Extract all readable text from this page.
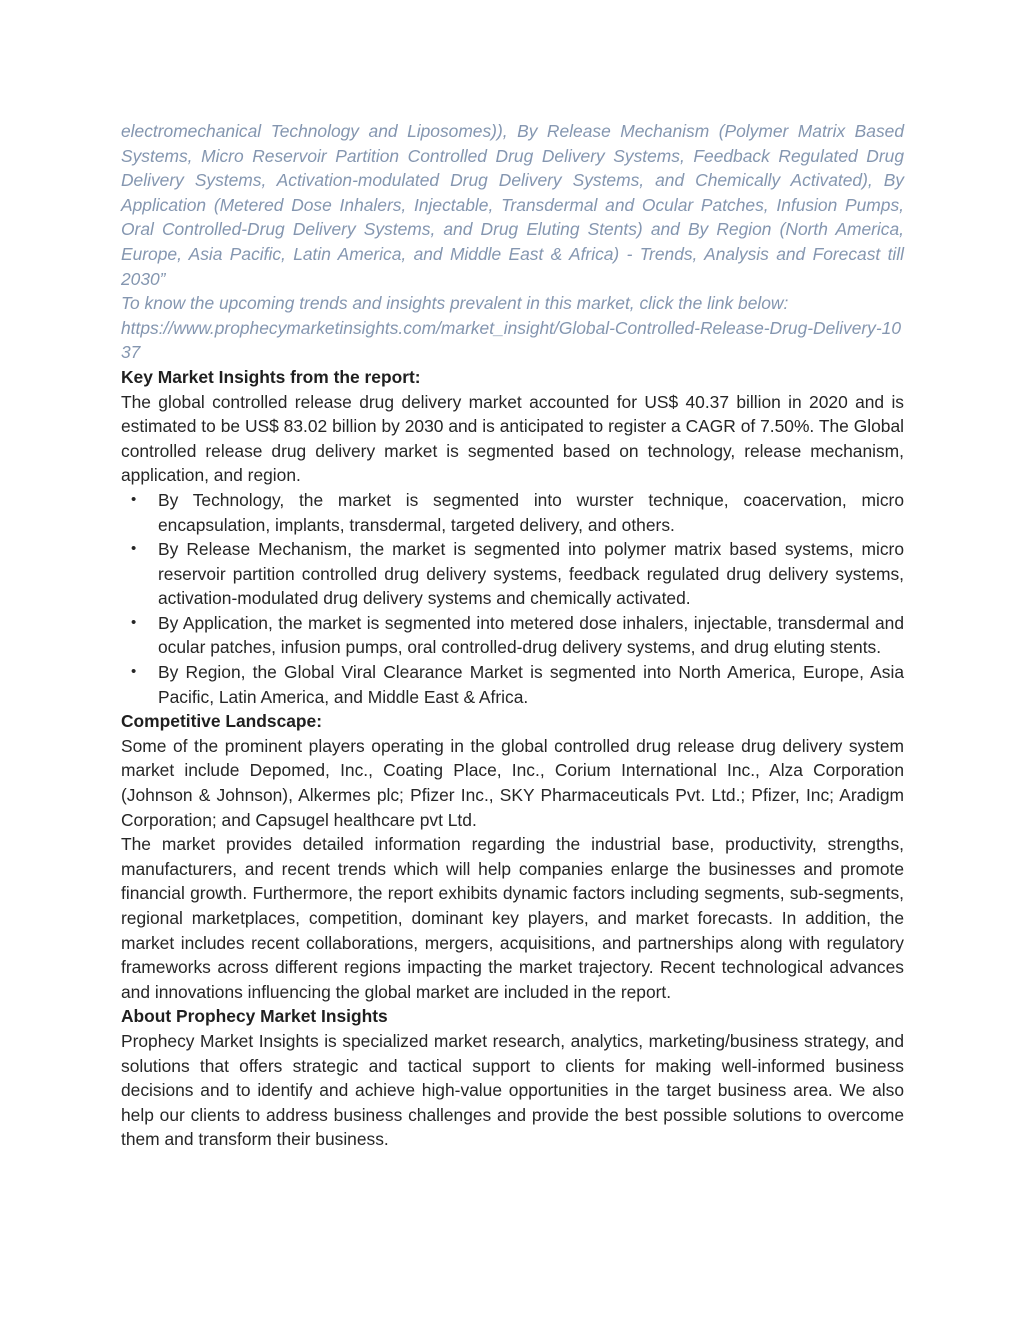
electromechanical Technology and Liposomes)), By Release Mechanism (Polymer Matrix Based Systems, Micro Reservoir Partition Controlled Drug Delivery Systems, Feedback Regulated Drug Delivery Systems, Activation-modulated Drug Delivery Systems, and Chemically Activated), By Application (Metered Dose Inhalers, Injectable, Transdermal and Ocular Patches, Infusion Pumps, Oral Controlled-Drug Delivery Systems, and Drug Eluting Stents) and By Region (North America, Europe, Asia Pacific, Latin America, and Middle East & Africa) - Trends, Analysis and Forecast till 2030”

To know the upcoming trends and insights prevalent in this market, click the link below:

https://www.prophecymarketinsights.com/market_insight/Global-Controlled-Release-Drug-Delivery-1037

Key Market Insights from the report:

The global controlled release drug delivery market accounted for US$ 40.37 billion in 2020 and is estimated to be US$ 83.02 billion by 2030 and is anticipated to register a CAGR of 7.50%. The Global controlled release drug delivery market is segmented based on technology, release mechanism, application, and region.

• By Technology, the market is segmented into wurster technique, coacervation, micro encapsulation, implants, transdermal, targeted delivery, and others.
• By Release Mechanism, the market is segmented into polymer matrix based systems, micro reservoir partition controlled drug delivery systems, feedback regulated drug delivery systems, activation-modulated drug delivery systems and chemically activated.
• By Application, the market is segmented into metered dose inhalers, injectable, transdermal and ocular patches, infusion pumps, oral controlled-drug delivery systems, and drug eluting stents.
• By Region, the Global Viral Clearance Market is segmented into North America, Europe, Asia Pacific, Latin America, and Middle East & Africa.
Competitive Landscape:

Some of the prominent players operating in the global controlled drug release drug delivery system market include Depomed, Inc., Coating Place, Inc., Corium International Inc., Alza Corporation (Johnson & Johnson), Alkermes plc; Pfizer Inc., SKY Pharmaceuticals Pvt. Ltd.; Pfizer, Inc; Aradigm Corporation; and Capsugel healthcare pvt Ltd.

The market provides detailed information regarding the industrial base, productivity, strengths, manufacturers, and recent trends which will help companies enlarge the businesses and promote financial growth. Furthermore, the report exhibits dynamic factors including segments, sub-segments, regional marketplaces, competition, dominant key players, and market forecasts. In addition, the market includes recent collaborations, mergers, acquisitions, and partnerships along with regulatory frameworks across different regions impacting the market trajectory. Recent technological advances and innovations influencing the global market are included in the report.

About Prophecy Market Insights

Prophecy Market Insights is specialized market research, analytics, marketing/business strategy, and solutions that offers strategic and tactical support to clients for making well-informed business decisions and to identify and achieve high-value opportunities in the target business area. We also help our clients to address business challenges and provide the best possible solutions to overcome them and transform their business.
